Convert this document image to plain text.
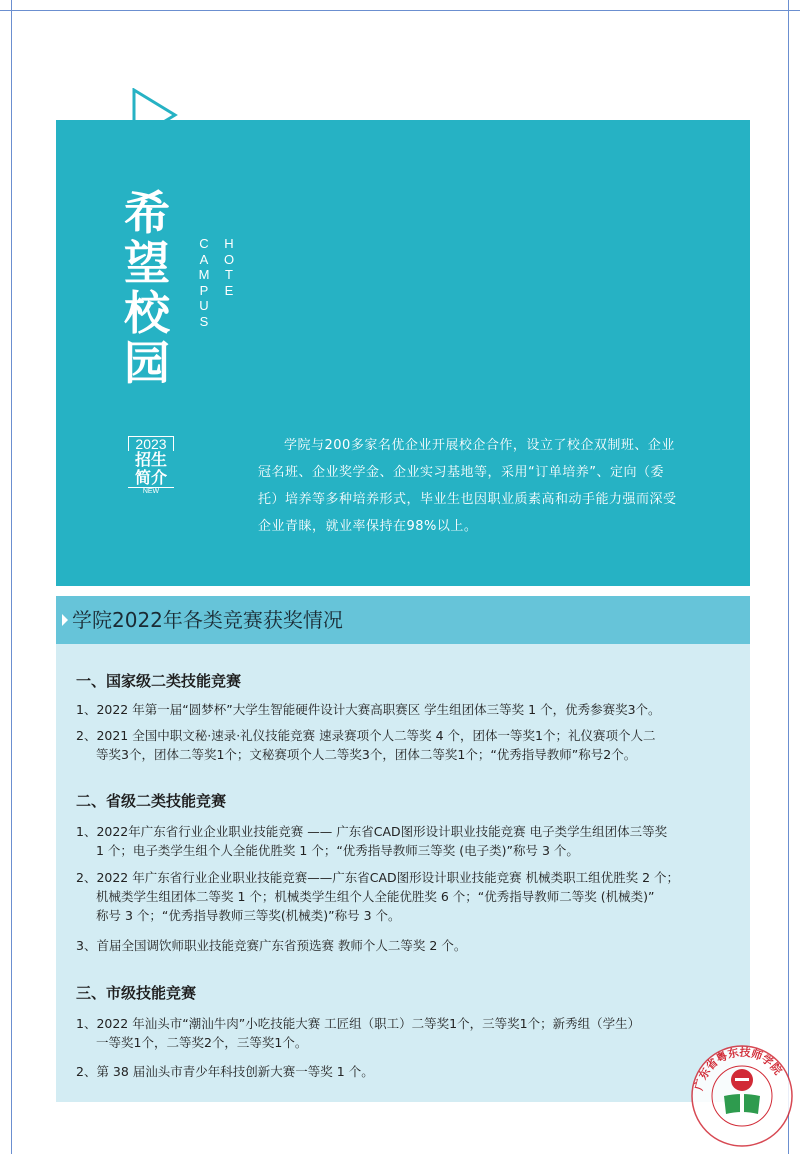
希
望
校
园
C
A
M
P
U
S
H
O
T
E
2023
招生
简介
NEW
学院与200多家名优企业开展校企合作，设立了校企双制班、企业冠名班、企业奖学金、企业实习基地等，采用“订单培养”、定向（委托）培养等多种培养形式，毕业生也因职业质素高和动手能力强而深受企业青睐，就业率保持在98%以上。
学院2022年各类竞赛获奖情况
一、国家级二类技能竞赛
1、2022 年第一届“圆梦杯”大学生智能硬件设计大赛高职赛区 学生组团体三等奖 1 个，优秀参赛奖3个。
2、2021 全国中职文秘·速录·礼仪技能竞赛 速录赛项个人二等奖 4 个，团体一等奖1个；礼仪赛项个人二
等奖3个，团体二等奖1个；文秘赛项个人二等奖3个，团体二等奖1个；“优秀指导教师”称号2个。
二、省级二类技能竞赛
1、2022年广东省行业企业职业技能竞赛 —— 广东省CAD图形设计职业技能竞赛 电子类学生组团体三等奖
1 个；电子类学生组个人全能优胜奖 1 个；“优秀指导教师三等奖 (电子类)”称号 3 个。
2、2022 年广东省行业企业职业技能竞赛——广东省CAD图形设计职业技能竞赛 机械类职工组优胜奖 2 个；
机械类学生组团体二等奖 1 个；机械类学生组个人全能优胜奖 6 个；“优秀指导教师二等奖 (机械类)”
称号 3 个；“优秀指导教师三等奖(机械类)”称号 3 个。
3、首届全国调饮师职业技能竞赛广东省预选赛 教师个人二等奖 2 个。
三、市级技能竞赛
1、2022 年汕头市“潮汕牛肉”小吃技能大赛 工匠组（职工）二等奖1个，三等奖1个；新秀组（学生）
一等奖1个，二等奖2个，三等奖1个。
2、第 38 届汕头市青少年科技创新大赛一等奖 1 个。
广东省粤东技师学院
